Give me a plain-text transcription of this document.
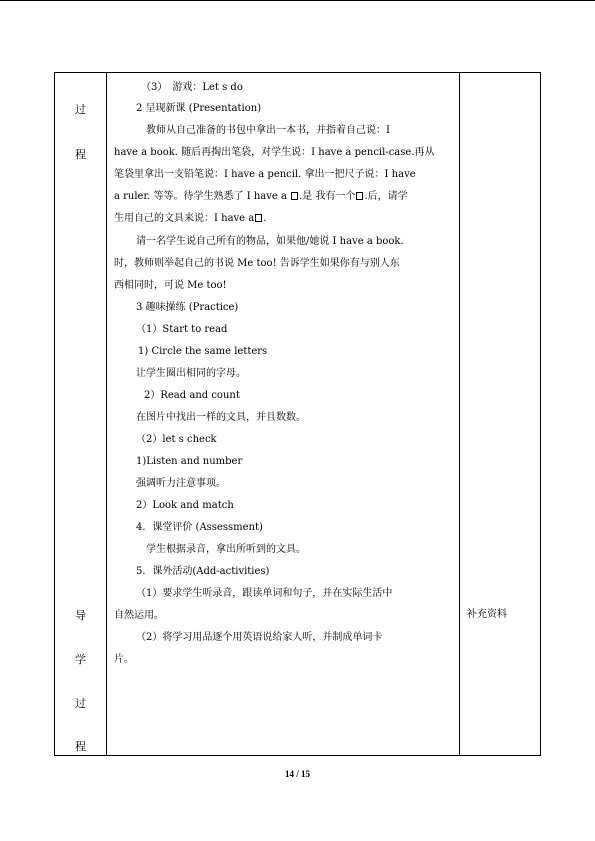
过
程
导
学
过
程
（3）　游戏：Let s do
2 呈现新课 (Presentation)
教师从自己准备的书包中拿出一本书，并指着自己说：I
have a book. 随后再掏出笔袋，对学生说：I have a pencil-case.再从
笔袋里拿出一支铅笔说：I have a pencil. 拿出一把尺子说：I have
a ruler. 等等。待学生熟悉了 I have a .是 我有一个 .后，请学
生用自己的文具来说：I have a .
请一名学生说自己所有的物品，如果他/她说 I have a book.
时，教师则举起自己的书说 Me too! 告诉学生如果你有与别人东
西相同时，可说 Me too!
3 趣味操练 (Practice)
（1）Start to read
1) Circle the same letters
让学生圈出相同的字母。
2）Read and count
在图片中找出一样的文具，并且数数。
（2）let s check
1)Listen and number
强调听力注意事项。
2）Look and match
4．课堂评价 (Assessment)
学生根据录音，拿出所听到的文具。
5．课外活动(Add-activities)
（1）要求学生听录音，跟读单词和句子，并在实际生活中
自然运用。
（2）将学习用品逐个用英语说给家人听，并制成单词卡
片。
补充资料
14 / 15
